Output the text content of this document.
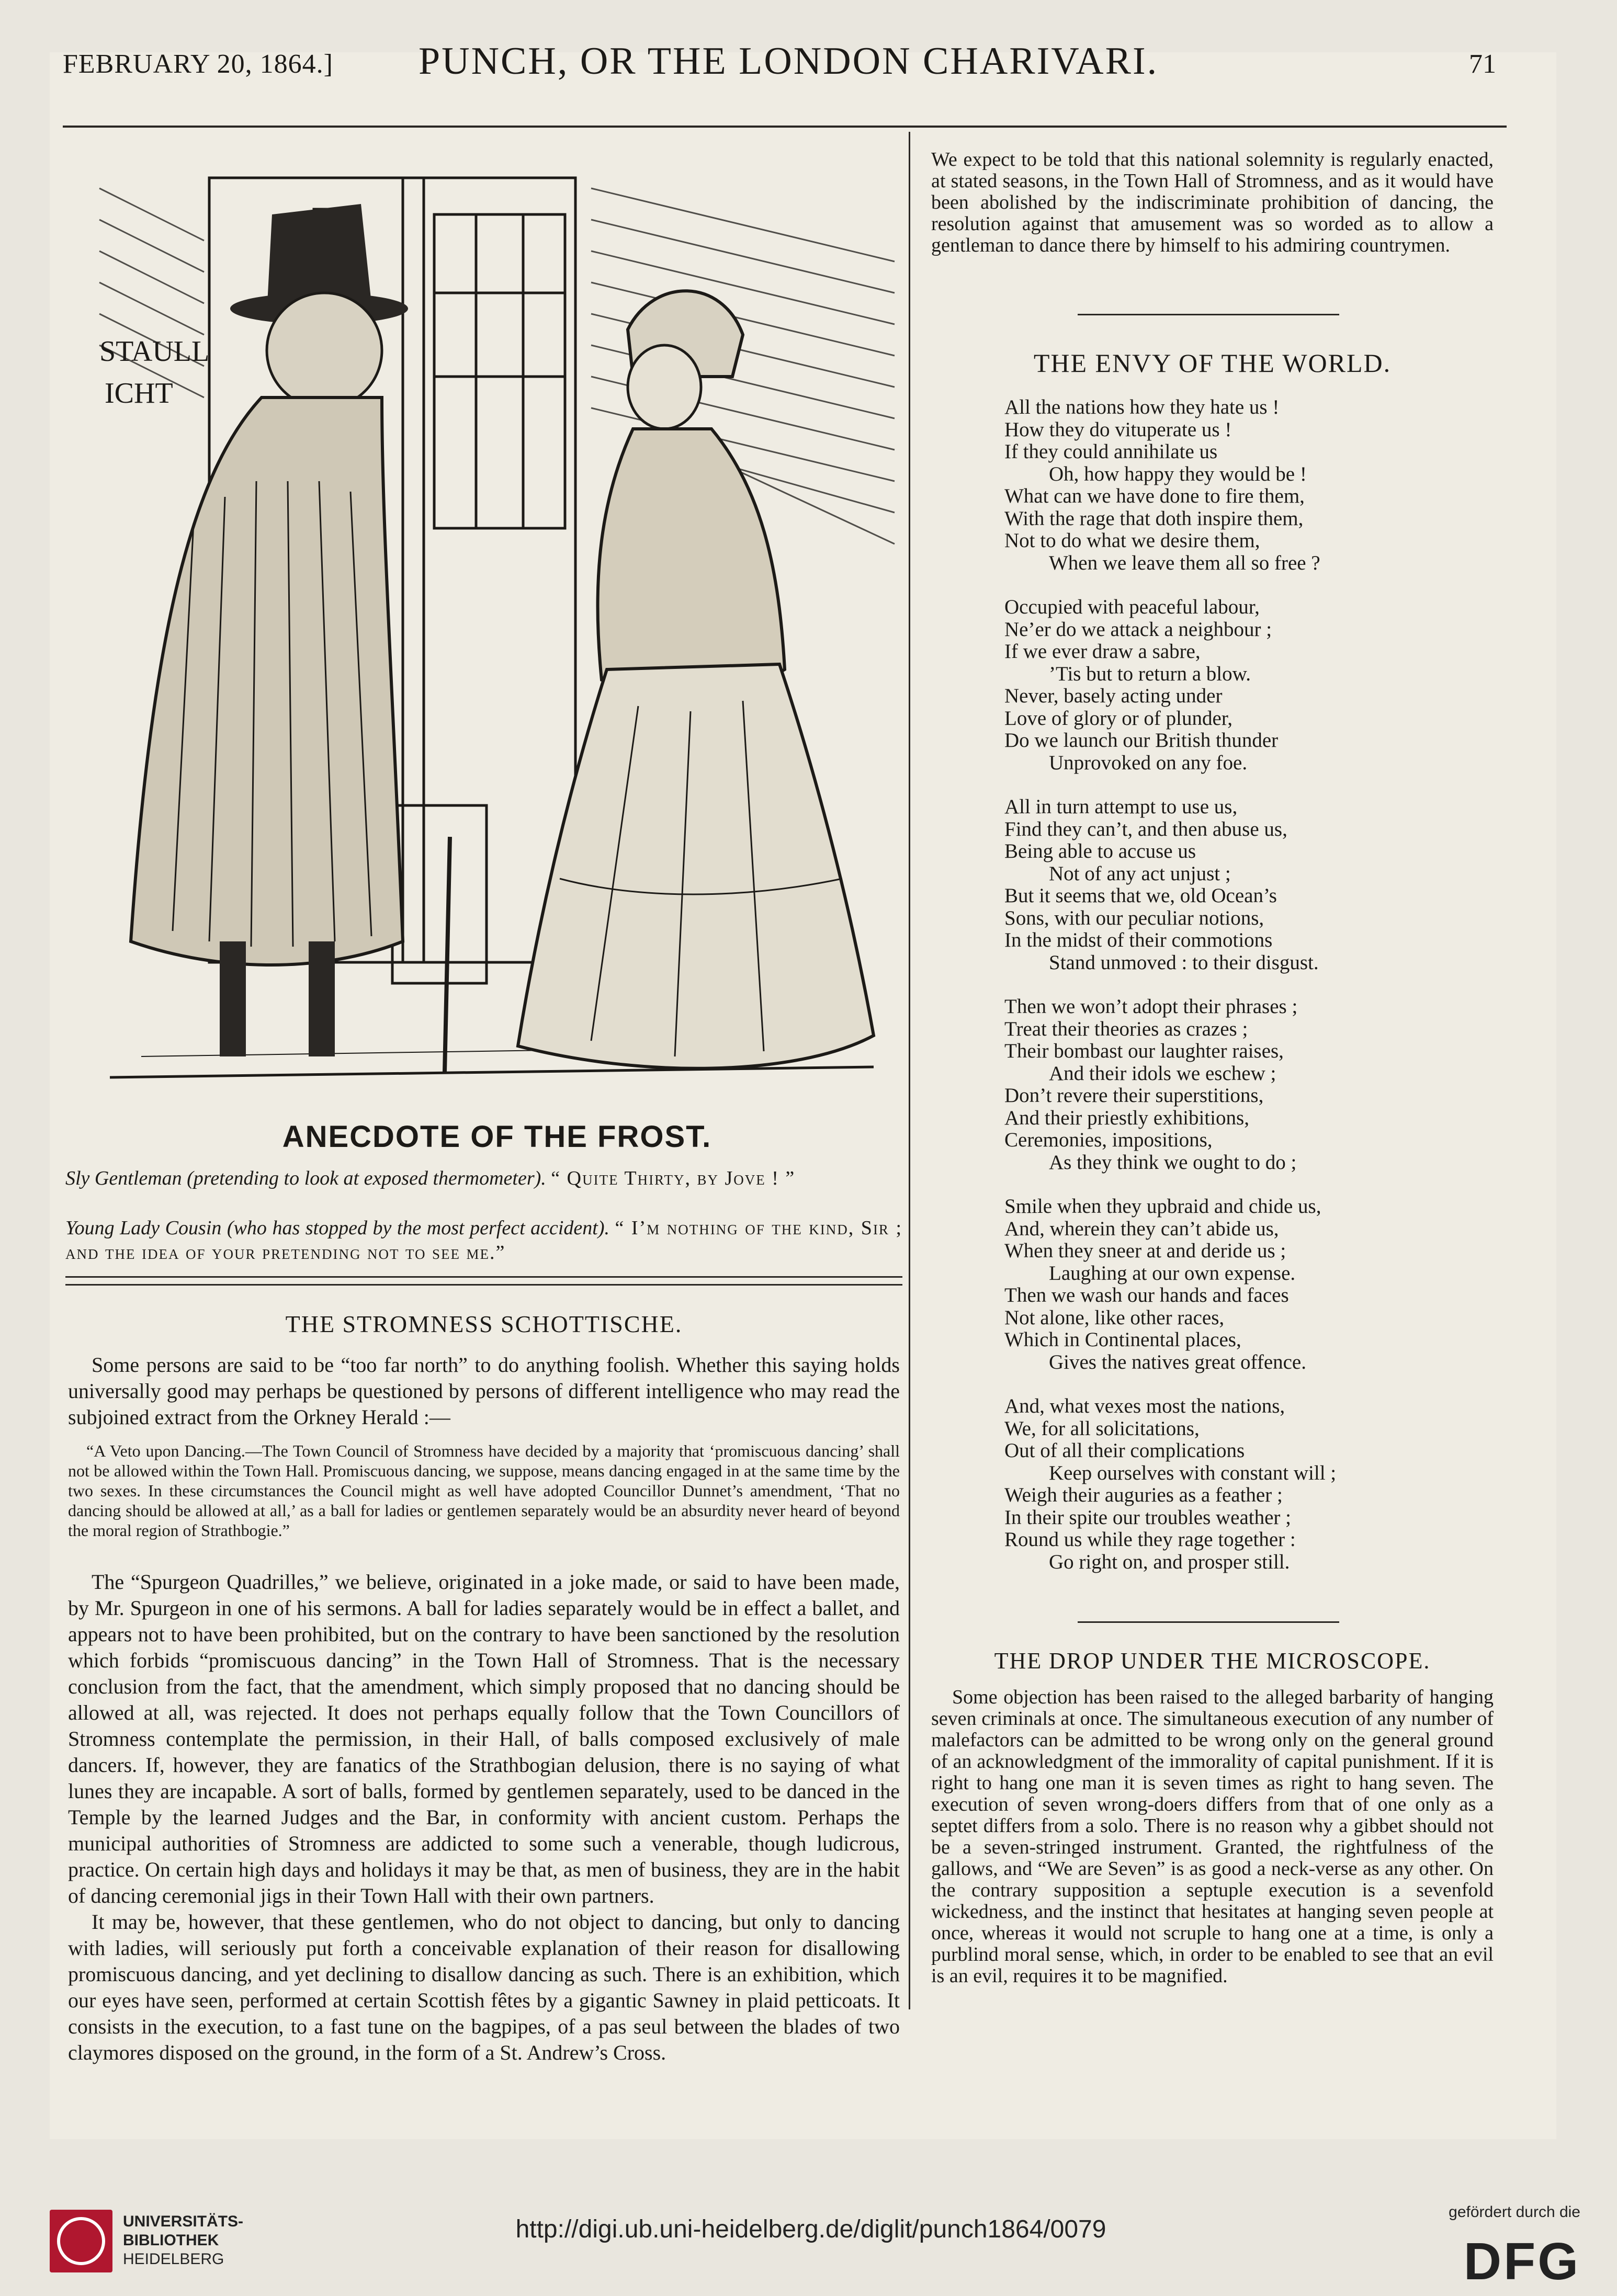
FEBRUARY 20, 1864.] PUNCH, OR THE LONDON CHARIVARI.	71
STAULL
ICHT
ANECDOTE OF THE FROST.
Sly Gentleman (pretending to look at exposed thermometer). “ Quite Thirty, by Jove ! ”
Young Lady Cousin (who has stopped by the most perfect accident). “ I’m nothing of the kind, Sir ; and the idea of your pretending not to see me.”
THE STROMNESS SCHOTTISCHE.

Some persons are said to be “too far north” to do anything foolish. Whether this saying holds universally good may perhaps be questioned by persons of different intelligence who may read the subjoined extract from the Orkney Herald :—

“A Veto upon Dancing.—The Town Council of Stromness have decided by a majority that ‘promiscuous dancing’ shall not be allowed within the Town Hall. Promiscuous dancing, we suppose, means dancing engaged in at the same time by the two sexes. In these circumstances the Council might as well have adopted Councillor Dunnet’s amendment, ‘That no dancing should be allowed at all,’ as a ball for ladies or gentlemen separately would be an absurdity never heard of beyond the moral region of Strathbogie.”

The “Spurgeon Quadrilles,” we believe, originated in a joke made, or said to have been made, by Mr. Spurgeon in one of his sermons. A ball for ladies separately would be in effect a ballet, and appears not to have been prohibited, but on the contrary to have been sanctioned by the resolution which forbids “promiscuous dancing” in the Town Hall of Stromness. That is the necessary conclusion from the fact, that the amendment, which simply proposed that no dancing should be allowed at all, was rejected. It does not perhaps equally follow that the Town Councillors of Stromness contemplate the permission, in their Hall, of balls composed exclusively of male dancers. If, however, they are fanatics of the Strathbogian delusion, there is no saying of what lunes they are incapable. A sort of balls, formed by gentlemen separately, used to be danced in the Temple by the learned Judges and the Bar, in conformity with ancient custom. Perhaps the municipal authorities of Stromness are addicted to some such a venerable, though ludicrous, practice. On certain high days and holidays it may be that, as men of business, they are in the habit of dancing ceremonial jigs in their Town Hall with their own partners.

It may be, however, that these gentlemen, who do not object to dancing, but only to dancing with ladies, will seriously put forth a conceivable explanation of their reason for disallowing promiscuous dancing, and yet declining to disallow dancing as such. There is an exhibition, which our eyes have seen, performed at certain Scottish fêtes by a gigantic Sawney in plaid petticoats. It consists in the execution, to a fast tune on the bagpipes, of a pas seul between the blades of two claymores disposed on the ground, in the form of a St. Andrew’s Cross.

We expect to be told that this national solemnity is regularly enacted, at stated seasons, in the Town Hall of Stromness, and as it would have been abolished by the indiscriminate prohibition of dancing, the resolution against that amusement was so worded as to allow a gentleman to dance there by himself to his admiring countrymen.
THE ENVY OF THE WORLD.
All the nations how they hate us !
How they do vituperate us !
If they could annihilate us
Oh, how happy they would be !
What can we have done to fire them,
With the rage that doth inspire them,
Not to do what we desire them,
When we leave them all so free ?
Occupied with peaceful labour,
Ne’er do we attack a neighbour ;
If we ever draw a sabre,
’Tis but to return a blow.
Never, basely acting under
Love of glory or of plunder,
Do we launch our British thunder
Unprovoked on any foe.
All in turn attempt to use us,
Find they can’t, and then abuse us,
Being able to accuse us
Not of any act unjust ;
But it seems that we, old Ocean’s
Sons, with our peculiar notions,
In the midst of their commotions
Stand unmoved : to their disgust.
Then we won’t adopt their phrases ;
Treat their theories as crazes ;
Their bombast our laughter raises,
And their idols we eschew ;
Don’t revere their superstitions,
And their priestly exhibitions,
Ceremonies, impositions,
As they think we ought to do ;
Smile when they upbraid and chide us,
And, wherein they can’t abide us,
When they sneer at and deride us ;
Laughing at our own expense.
Then we wash our hands and faces
Not alone, like other races,
Which in Continental places,
Gives the natives great offence.
And, what vexes most the nations,
We, for all solicitations,
Out of all their complications
Keep ourselves with constant will ;
Weigh their auguries as a feather ;
In their spite our troubles weather ;
Round us while they rage together :
Go right on, and prosper still.
THE DROP UNDER THE MICROSCOPE.
Some objection has been raised to the alleged barbarity of hanging seven criminals at once. The simultaneous execution of any number of malefactors can be admitted to be wrong only on the general ground of an acknowledgment of the immorality of capital punishment. If it is right to hang one man it is seven times as right to hang seven. The execution of seven wrong-doers differs from that of one only as a septet differs from a solo. There is no reason why a gibbet should not be a seven-stringed instrument. Granted, the rightfulness of the gallows, and “We are Seven” is as good a neck-verse as any other. On the contrary supposition a septuple execution is a sevenfold wickedness, and the instinct that hesitates at hanging seven people at once, whereas it would not scruple to hang one at a time, is only a purblind moral sense, which, in order to be enabled to see that an evil is an evil, requires it to be magnified.
UNIVERSITÄTS-
BIBLIOTHEK
HEIDELBERG
http://digi.ub.uni-heidelberg.de/diglit/punch1864/0079
gefördert durch die
DFG
